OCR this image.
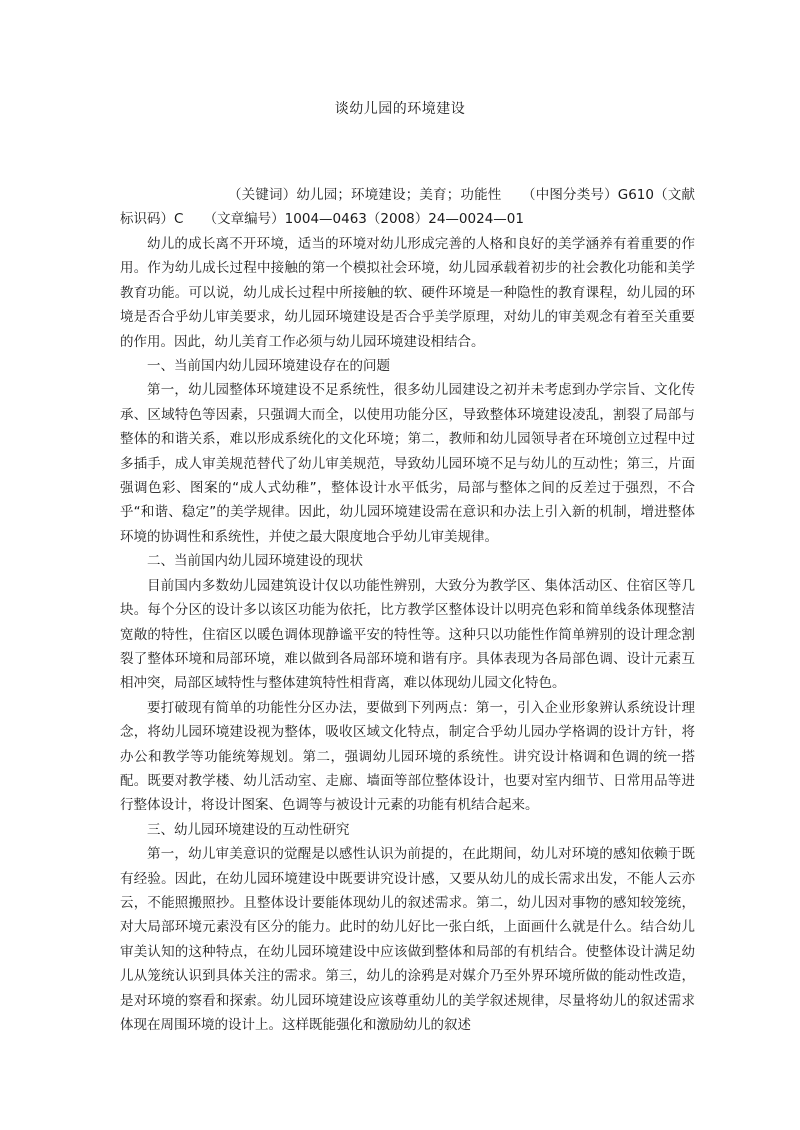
谈幼儿园的环境建设
（关键词）幼儿园；环境建设；美育；功能性　　（中图分类号）G610（文献标识码）C　　（文章编号）1004—0463（2008）24—0024—01

幼儿的成长离不开环境，适当的环境对幼儿形成完善的人格和良好的美学涵养有着重要的作用。作为幼儿成长过程中接触的第一个模拟社会环境，幼儿园承载着初步的社会教化功能和美学教育功能。可以说，幼儿成长过程中所接触的软、硬件环境是一种隐性的教育课程，幼儿园的环境是否合乎幼儿审美要求，幼儿园环境建设是否合乎美学原理，对幼儿的审美观念有着至关重要的作用。因此，幼儿美育工作必须与幼儿园环境建设相结合。

一、当前国内幼儿园环境建设存在的问题

第一，幼儿园整体环境建设不足系统性，很多幼儿园建设之初并未考虑到办学宗旨、文化传承、区域特色等因素，只强调大而全，以使用功能分区，导致整体环境建设凌乱，割裂了局部与整体的和谐关系，难以形成系统化的文化环境；第二，教师和幼儿园领导者在环境创立过程中过多插手，成人审美规范替代了幼儿审美规范，导致幼儿园环境不足与幼儿的互动性；第三，片面强调色彩、图案的“成人式幼稚”，整体设计水平低劣，局部与整体之间的反差过于强烈，不合乎“和谐、稳定”的美学规律。因此，幼儿园环境建设需在意识和办法上引入新的机制，增进整体环境的协调性和系统性，并使之最大限度地合乎幼儿审美规律。

二、当前国内幼儿园环境建设的现状

目前国内多数幼儿园建筑设计仅以功能性辨别，大致分为教学区、集体活动区、住宿区等几块。每个分区的设计多以该区功能为依托，比方教学区整体设计以明亮色彩和简单线条体现整洁宽敞的特性，住宿区以暖色调体现静谧平安的特性等。这种只以功能性作简单辨别的设计理念割裂了整体环境和局部环境，难以做到各局部环境和谐有序。具体表现为各局部色调、设计元素互相冲突，局部区域特性与整体建筑特性相背离，难以体现幼儿园文化特色。

要打破现有简单的功能性分区办法，要做到下列两点：第一，引入企业形象辨认系统设计理念，将幼儿园环境建设视为整体，吸收区域文化特点，制定合乎幼儿园办学格调的设计方针，将办公和教学等功能统筹规划。第二，强调幼儿园环境的系统性。讲究设计格调和色调的统一搭配。既要对教学楼、幼儿活动室、走廊、墙面等部位整体设计，也要对室内细节、日常用品等进行整体设计，将设计图案、色调等与被设计元素的功能有机结合起来。

三、幼儿园环境建设的互动性研究

第一，幼儿审美意识的觉醒是以感性认识为前提的，在此期间，幼儿对环境的感知依赖于既有经验。因此，在幼儿园环境建设中既要讲究设计感，又要从幼儿的成长需求出发，不能人云亦云，不能照搬照抄。且整体设计要能体现幼儿的叙述需求。第二，幼儿因对事物的感知较笼统，对大局部环境元素没有区分的能力。此时的幼儿好比一张白纸，上面画什么就是什么。结合幼儿审美认知的这种特点，在幼儿园环境建设中应该做到整体和局部的有机结合。使整体设计满足幼儿从笼统认识到具体关注的需求。第三，幼儿的涂鸦是对媒介乃至外界环境所做的能动性改造，是对环境的察看和探索。幼儿园环境建设应该尊重幼儿的美学叙述规律，尽量将幼儿的叙述需求体现在周围环境的设计上。这样既能强化和激励幼儿的叙述
